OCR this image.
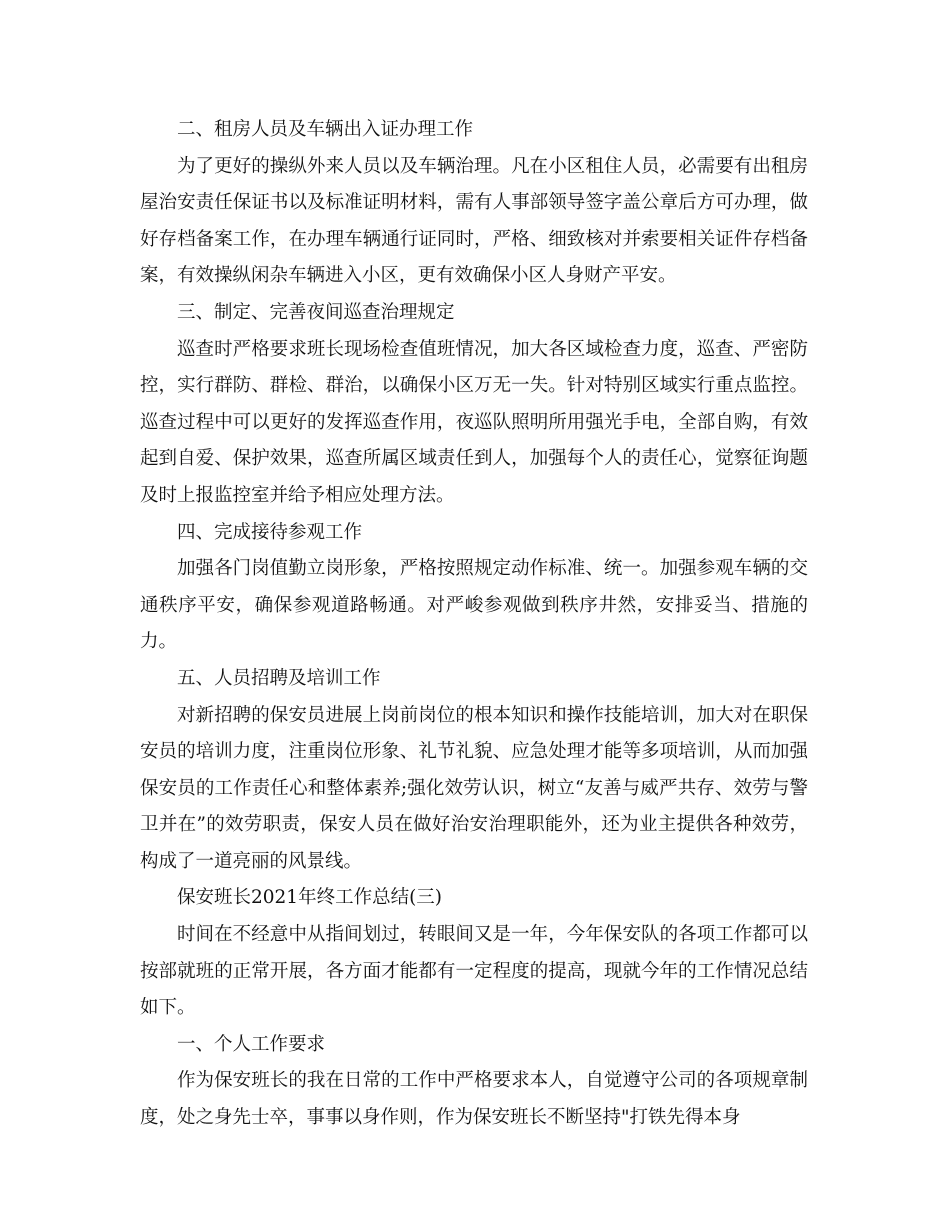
二、租房人员及车辆出入证办理工作

为了更好的操纵外来人员以及车辆治理。凡在小区租住人员，必需要有出租房屋治安责任保证书以及标准证明材料，需有人事部领导签字盖公章后方可办理，做好存档备案工作，在办理车辆通行证同时，严格、细致核对并索要相关证件存档备案，有效操纵闲杂车辆进入小区，更有效确保小区人身财产平安。

三、制定、完善夜间巡查治理规定

巡查时严格要求班长现场检查值班情况，加大各区域检查力度，巡查、严密防控，实行群防、群检、群治，以确保小区万无一失。针对特别区域实行重点监控。巡查过程中可以更好的发挥巡查作用，夜巡队照明所用强光手电，全部自购，有效起到自爱、保护效果，巡查所属区域责任到人，加强每个人的责任心，觉察征询题及时上报监控室并给予相应处理方法。

四、完成接待参观工作

加强各门岗值勤立岗形象，严格按照规定动作标准、统一。加强参观车辆的交通秩序平安，确保参观道路畅通。对严峻参观做到秩序井然，安排妥当、措施的力。

五、人员招聘及培训工作

对新招聘的保安员进展上岗前岗位的根本知识和操作技能培训，加大对在职保安员的培训力度，注重岗位形象、礼节礼貌、应急处理才能等多项培训，从而加强保安员的工作责任心和整体素养;强化效劳认识，树立“友善与威严共存、效劳与警卫并在”的效劳职责，保安人员在做好治安治理职能外，还为业主提供各种效劳，构成了一道亮丽的风景线。

保安班长2021年终工作总结(三)

时间在不经意中从指间划过，转眼间又是一年，今年保安队的各项工作都可以按部就班的正常开展，各方面才能都有一定程度的提高，现就今年的工作情况总结如下。

一、个人工作要求

作为保安班长的我在日常的工作中严格要求本人，自觉遵守公司的各项规章制度，处之身先士卒，事事以身作则，作为保安班长不断坚持"打铁先得本身
